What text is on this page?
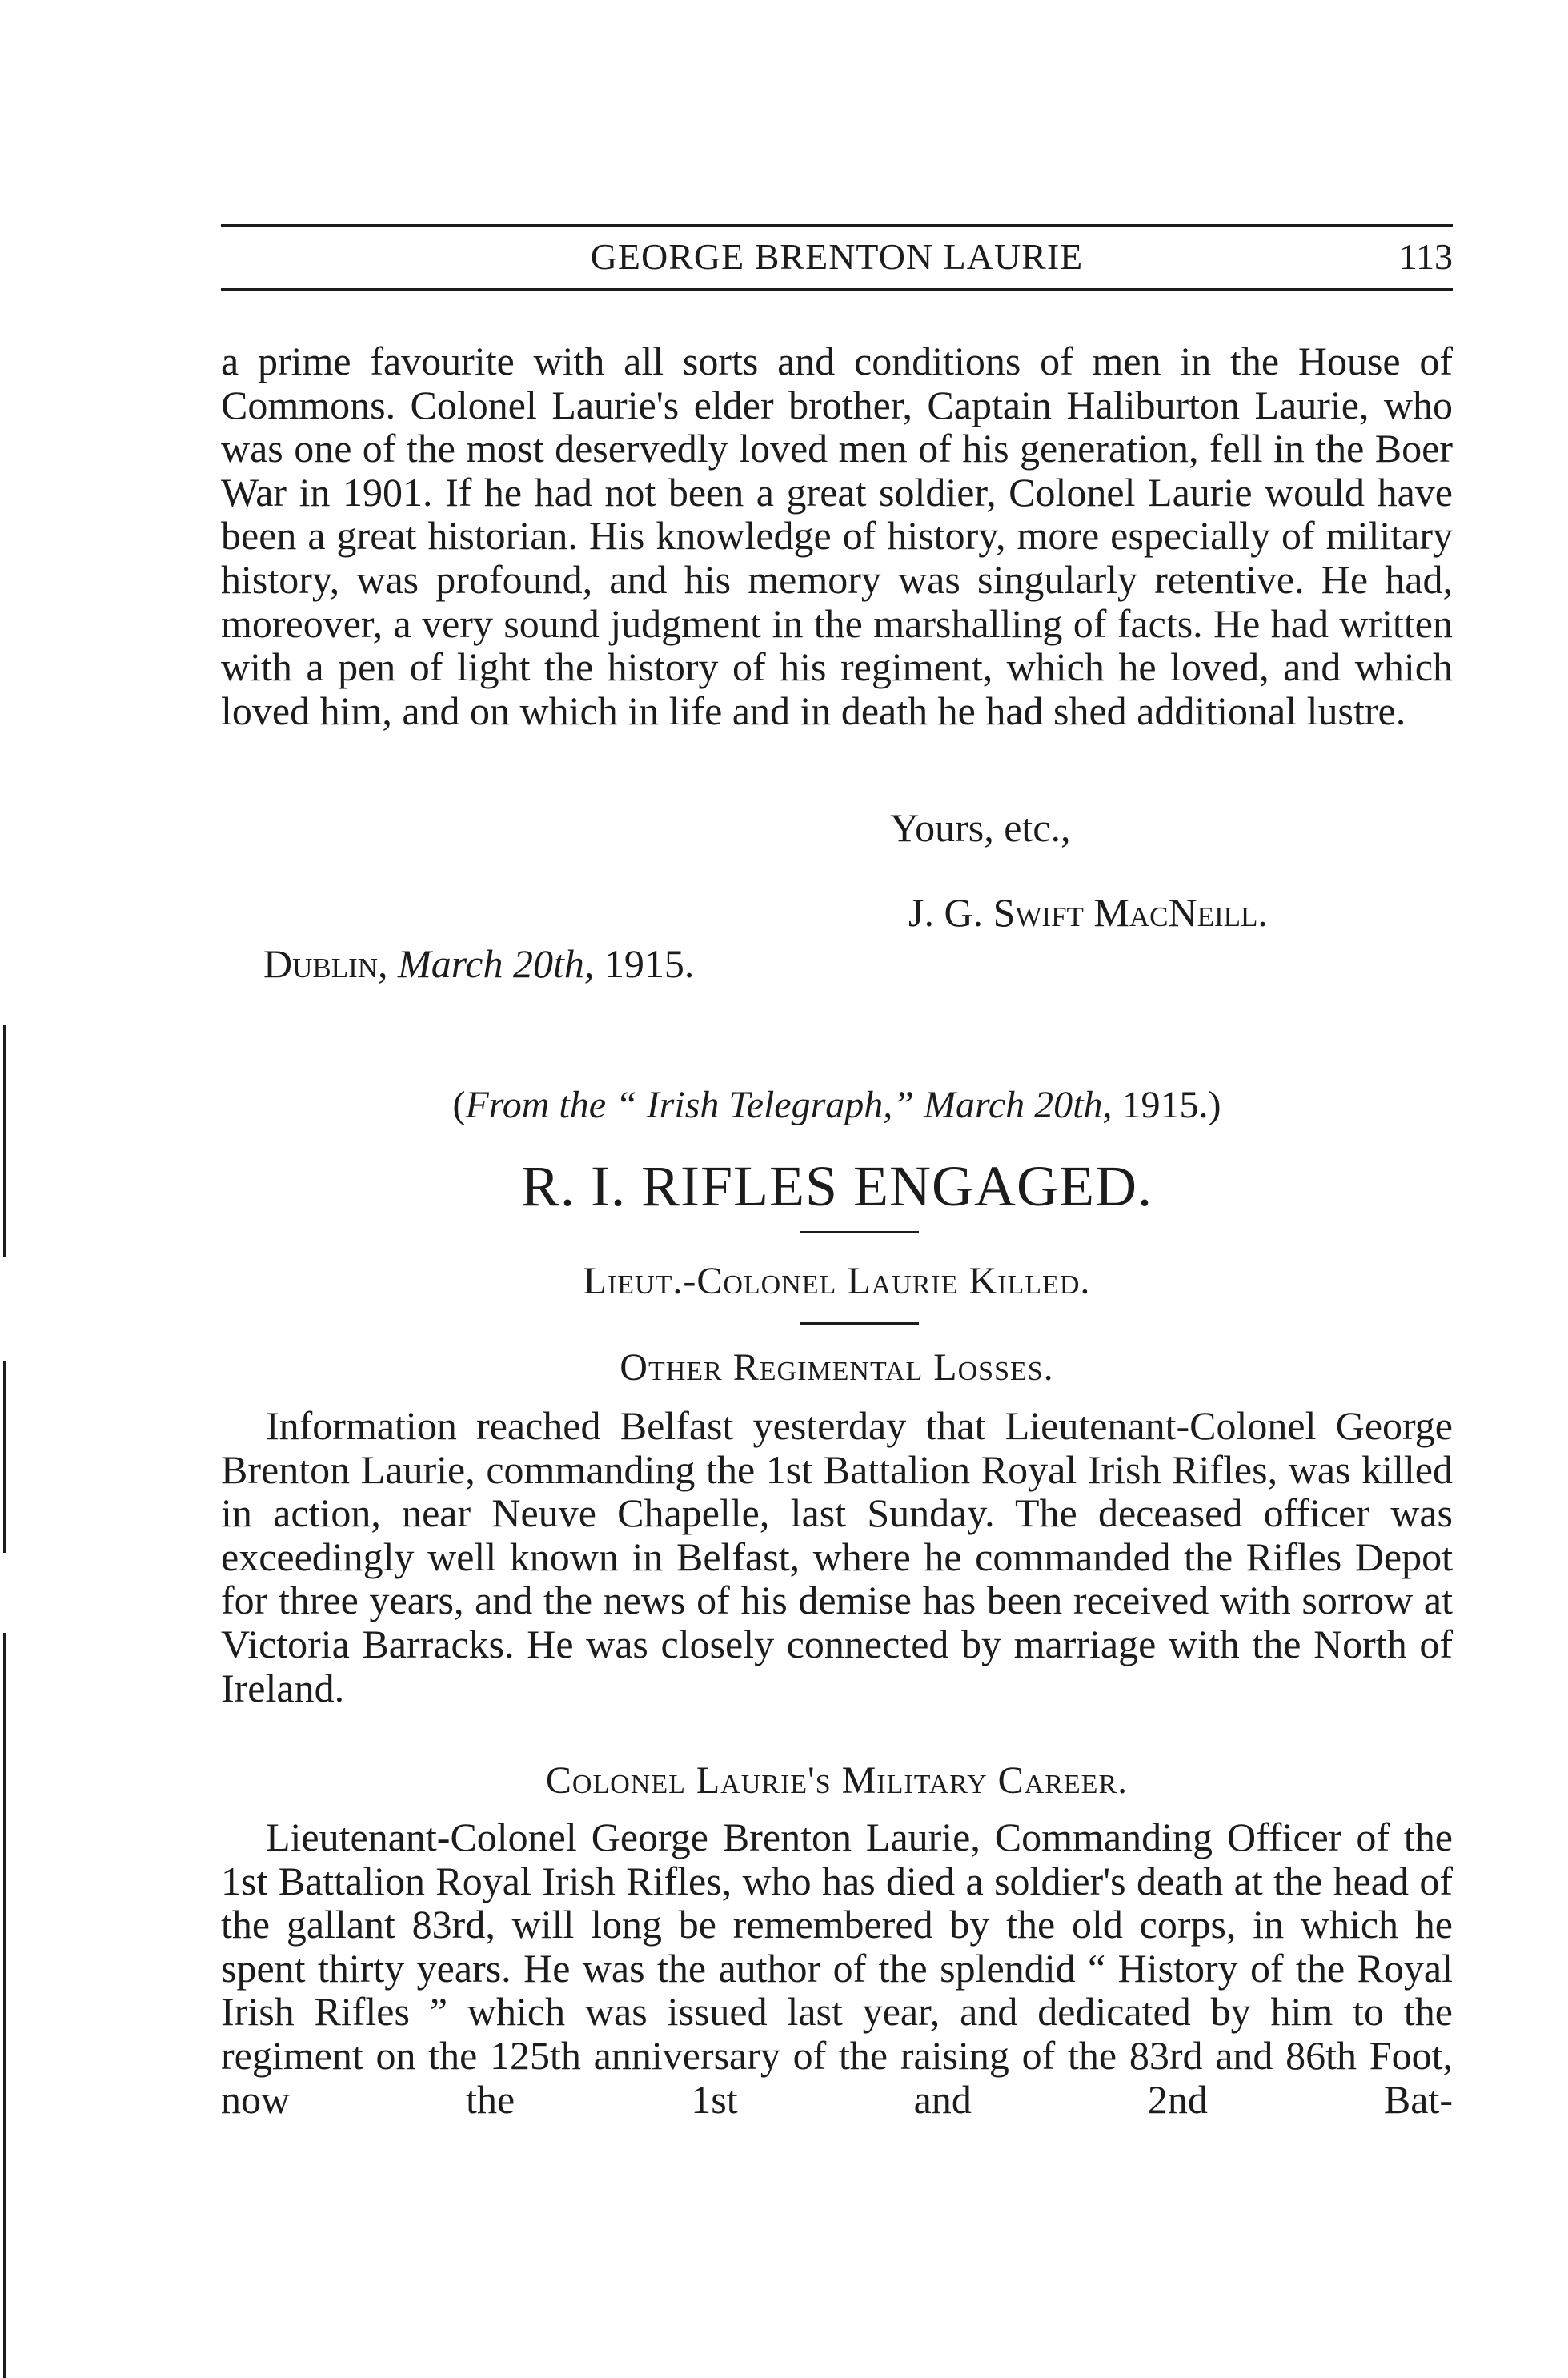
GEORGE BRENTON LAURIE	113

a prime favourite with all sorts and conditions of men in the House of Commons. Colonel Laurie's elder brother, Captain Haliburton Laurie, who was one of the most deservedly loved men of his generation, fell in the Boer War in 1901. If he had not been a great soldier, Colonel Laurie would have been a great historian. His knowledge of history, more especially of military history, was profound, and his memory was singularly retentive. He had, moreover, a very sound judgment in the marshalling of facts. He had written with a pen of light the history of his regiment, which he loved, and which loved him, and on which in life and in death he had shed additional lustre.

Yours, etc.,
J. G. Swift MacNeill.
Dublin, March 20th, 1915.
(From the “ Irish Telegraph,” March 20th, 1915.)
R. I. RIFLES ENGAGED.
Lieut.-Colonel Laurie Killed.
Other Regimental Losses.

Information reached Belfast yesterday that Lieutenant-Colonel George Brenton Laurie, commanding the 1st Battalion Royal Irish Rifles, was killed in action, near Neuve Chapelle, last Sunday. The deceased officer was exceedingly well known in Belfast, where he commanded the Rifles Depot for three years, and the news of his demise has been received with sorrow at Victoria Barracks. He was closely connected by marriage with the North of Ireland.

Colonel Laurie's Military Career.

Lieutenant-Colonel George Brenton Laurie, Commanding Officer of the 1st Battalion Royal Irish Rifles, who has died a soldier's death at the head of the gallant 83rd, will long be remembered by the old corps, in which he spent thirty years. He was the author of the splendid “ History of the Royal Irish Rifles ” which was issued last year, and dedicated by him to the regiment on the 125th anniversary of the raising of the 83rd and 86th Foot, now the 1st and 2nd Bat-
